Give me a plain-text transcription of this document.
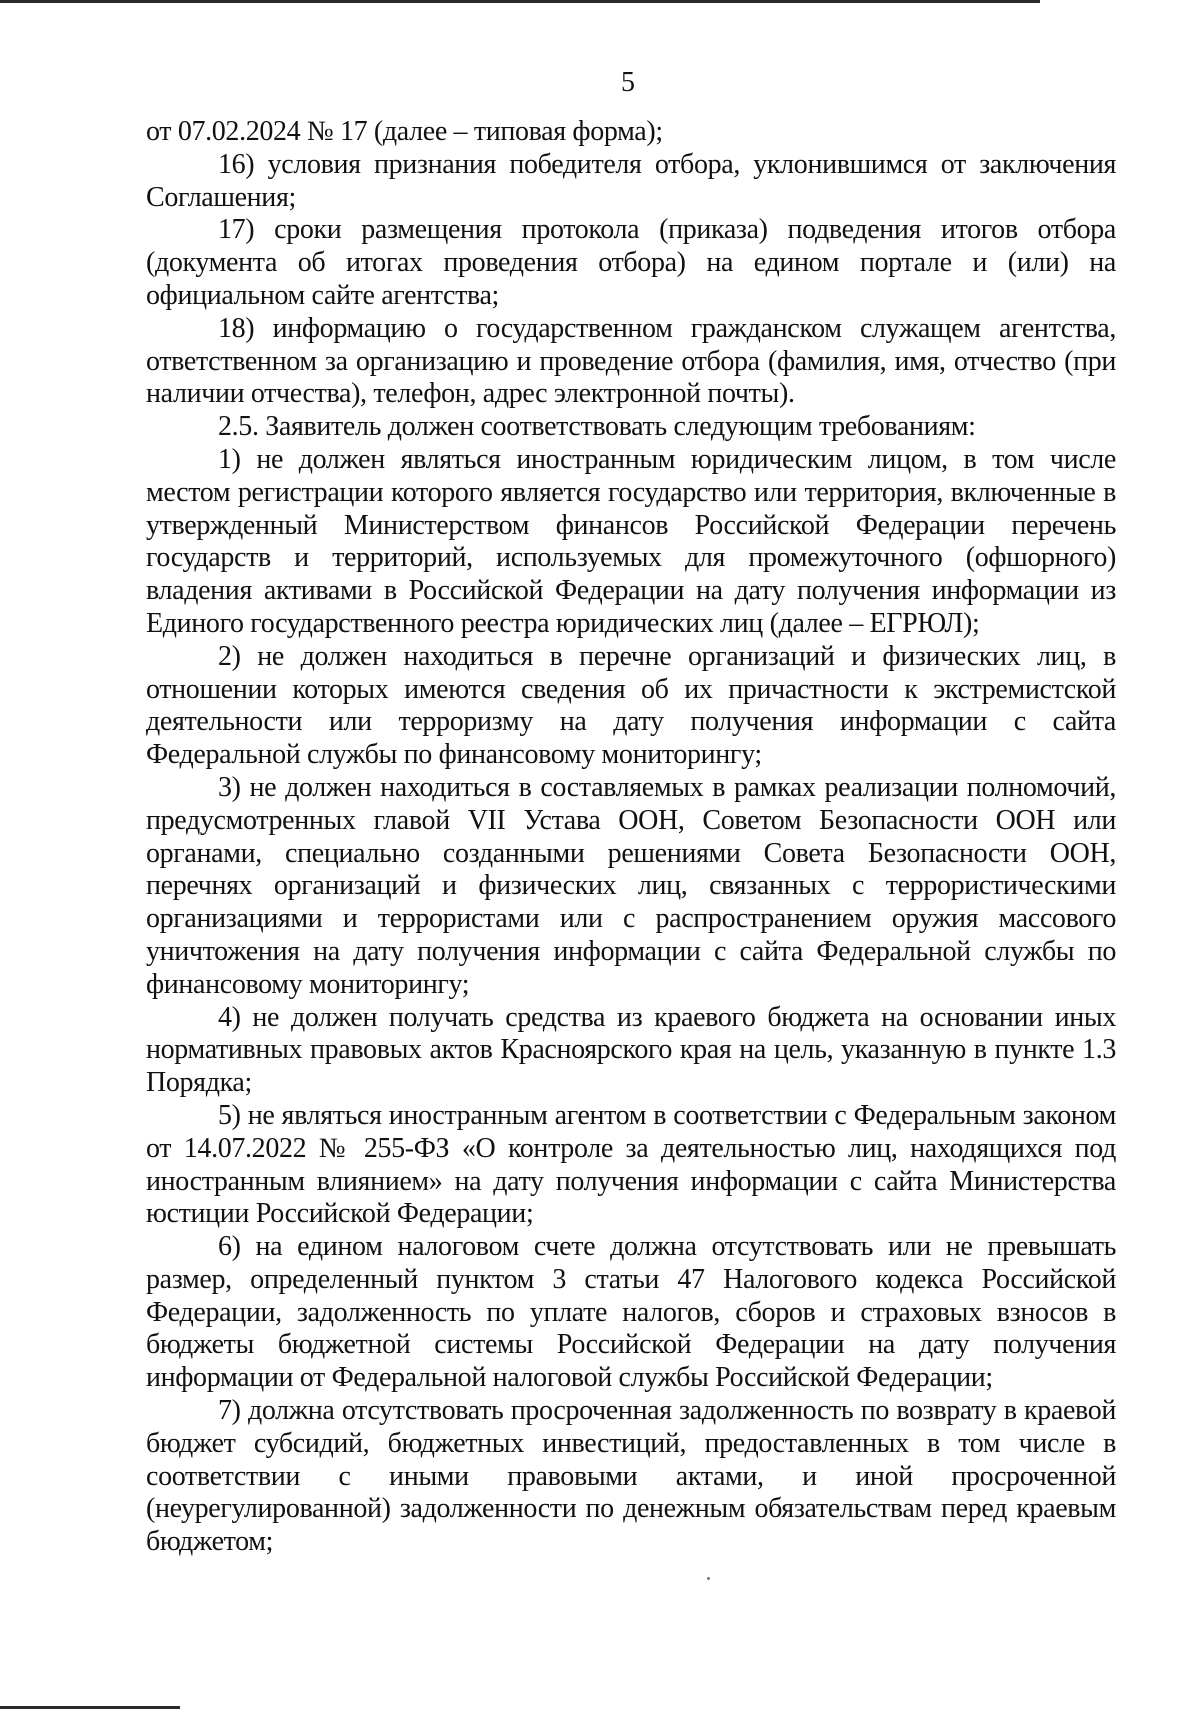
5

от 07.02.2024 № 17 (далее – типовая форма);

16) условия признания победителя отбора, уклонившимся от заключения Соглашения;

17) сроки размещения протокола (приказа) подведения итогов отбора (документа об итогах проведения отбора) на едином портале и (или) на официальном сайте агентства;

18) информацию о государственном гражданском служащем агентства, ответственном за организацию и проведение отбора (фамилия, имя, отчество (при наличии отчества), телефон, адрес электронной почты).

2.5. Заявитель должен соответствовать следующим требованиям:

1) не должен являться иностранным юридическим лицом, в том числе местом регистрации которого является государство или территория, включенные в утвержденный Министерством финансов Российской Федерации перечень государств и территорий, используемых для промежуточного (офшорного) владения активами в Российской Федерации на дату получения информации из Единого государственного реестра юридических лиц (далее – ЕГРЮЛ);

2) не должен находиться в перечне организаций и физических лиц, в отношении которых имеются сведения об их причастности к экстремистской деятельности или терроризму на дату получения информации с сайта Федеральной службы по финансовому мониторингу;

3) не должен находиться в составляемых в рамках реализации полномочий, предусмотренных главой VII Устава ООН, Советом Безопасности ООН или органами, специально созданными решениями Совета Безопасности ООН, перечнях организаций и физических лиц, связанных с террористическими организациями и террористами или с распространением оружия массового уничтожения на дату получения информации с сайта Федеральной службы по финансовому мониторингу;

4) не должен получать средства из краевого бюджета на основании иных нормативных правовых актов Красноярского края на цель, указанную в пункте 1.3 Порядка;

5) не являться иностранным агентом в соответствии с Федеральным законом от 14.07.2022 № 255-ФЗ «О контроле за деятельностью лиц, находящихся под иностранным влиянием» на дату получения информации с сайта Министерства юстиции Российской Федерации;

6) на едином налоговом счете должна отсутствовать или не превышать размер, определенный пунктом 3 статьи 47 Налогового кодекса Российской Федерации, задолженность по уплате налогов, сборов и страховых взносов в бюджеты бюджетной системы Российской Федерации на дату получения информации от Федеральной налоговой службы Российской Федерации;

7) должна отсутствовать просроченная задолженность по возврату в краевой бюджет субсидий, бюджетных инвестиций, предоставленных в том числе в соответствии с иными правовыми актами, и иной просроченной (неурегулированной) задолженности по денежным обязательствам перед краевым бюджетом;
